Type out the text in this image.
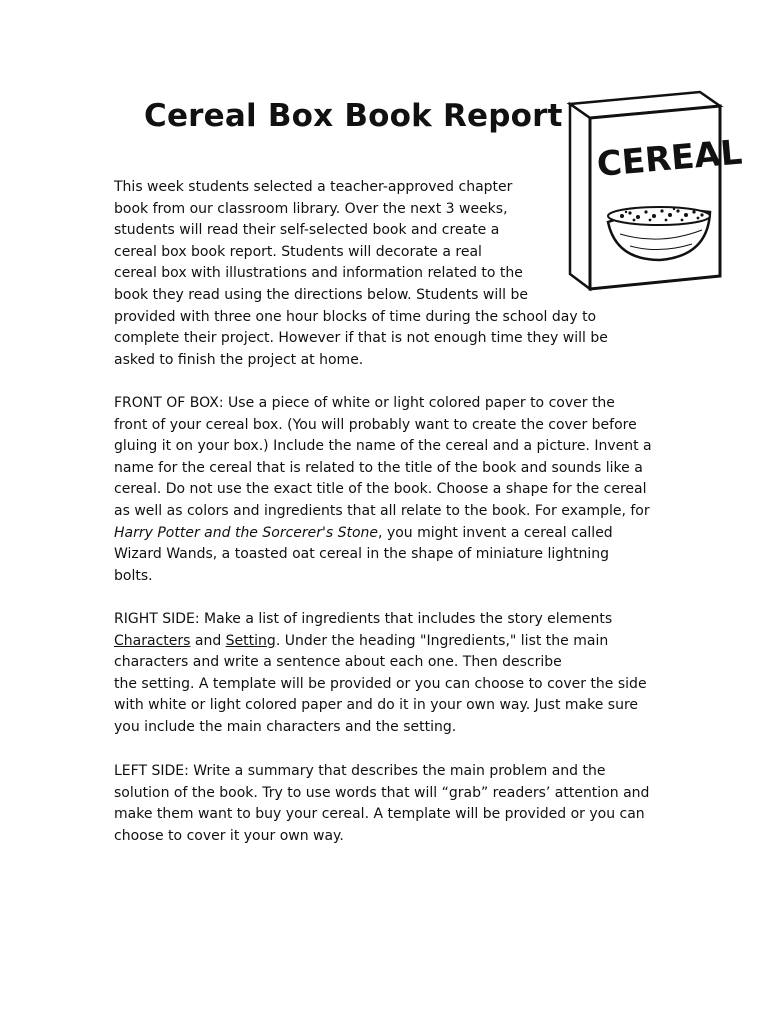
Cereal Box Book Report
CEREAL
This week students selected a teacher-approved chapter
book from our classroom library. Over the next 3 weeks,
students will read their self-selected book and create a
cereal box book report. Students will decorate a real
cereal box with illustrations and information related to the
book they read using the directions below. Students will be
provided with three one hour blocks of time during the school day to
complete their project. However if that is not enough time they will be
asked to finish the project at home.
FRONT OF BOX: Use a piece of white or light colored paper to cover the
front of your cereal box. (You will probably want to create the cover before
gluing it on your box.) Include the name of the cereal and a picture. Invent a
name for the cereal that is related to the title of the book and sounds like a
cereal. Do not use the exact title of the book. Choose a shape for the cereal
as well as colors and ingredients that all relate to the book. For example, for
Harry Potter and the Sorcerer's Stone, you might invent a cereal called
Wizard Wands, a toasted oat cereal in the shape of miniature lightning
bolts.
RIGHT SIDE: Make a list of ingredients that includes the story elements
Characters and Setting. Under the heading "Ingredients," list the main
characters and write a sentence about each one. Then describe
the setting. A template will be provided or you can choose to cover the side
with white or light colored paper and do it in your own way. Just make sure
you include the main characters and the setting.
LEFT SIDE: Write a summary that describes the main problem and the
solution of the book. Try to use words that will “grab” readers’ attention and
make them want to buy your cereal. A template will be provided or you can
choose to cover it your own way.
